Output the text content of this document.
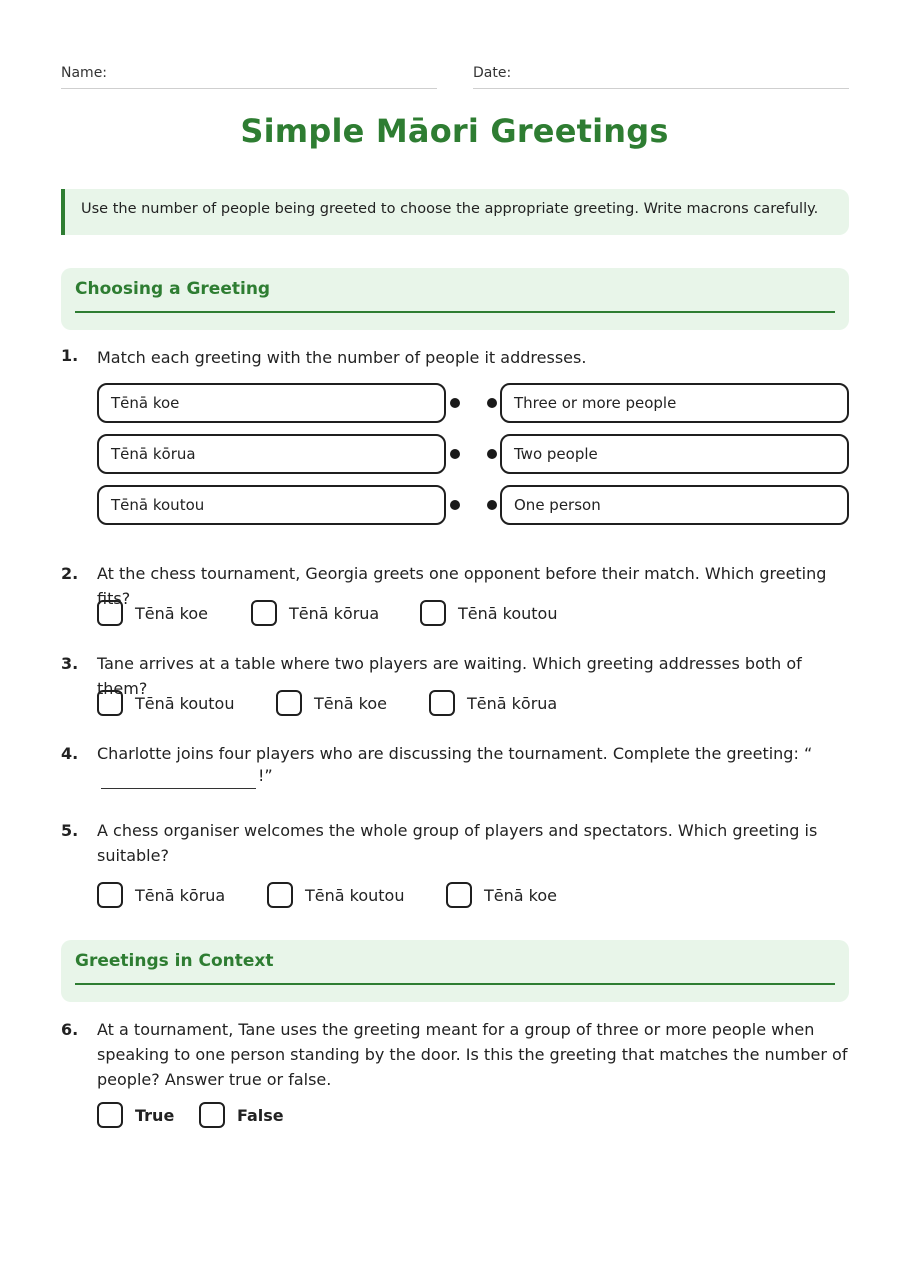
Name:	Date:
Simple Māori Greetings
Use the number of people being greeted to choose the appropriate greeting. Write macrons carefully.
Choosing a Greeting
1. Match each greeting with the number of people it addresses.
Tēnā koe
Tēnā kōrua
Tēnā koutou
Three or more people
Two people
One person
2. At the chess tournament, Georgia greets one opponent before their match. Which greeting fits?
Tēnā koe	Tēnā kōrua	Tēnā koutou
3. Tane arrives at a table where two players are waiting. Which greeting addresses both of them?
Tēnā koutou	Tēnā koe	Tēnā kōrua
4. Charlotte joins four players who are discussing the tournament. Complete the greeting: “
!”
5. A chess organiser welcomes the whole group of players and spectators. Which greeting is suitable?
Tēnā kōrua	Tēnā koutou	Tēnā koe
Greetings in Context
6. At a tournament, Tane uses the greeting meant for a group of three or more people when speaking to one person standing by the door. Is this the greeting that matches the number of people? Answer true or false.
True	False
